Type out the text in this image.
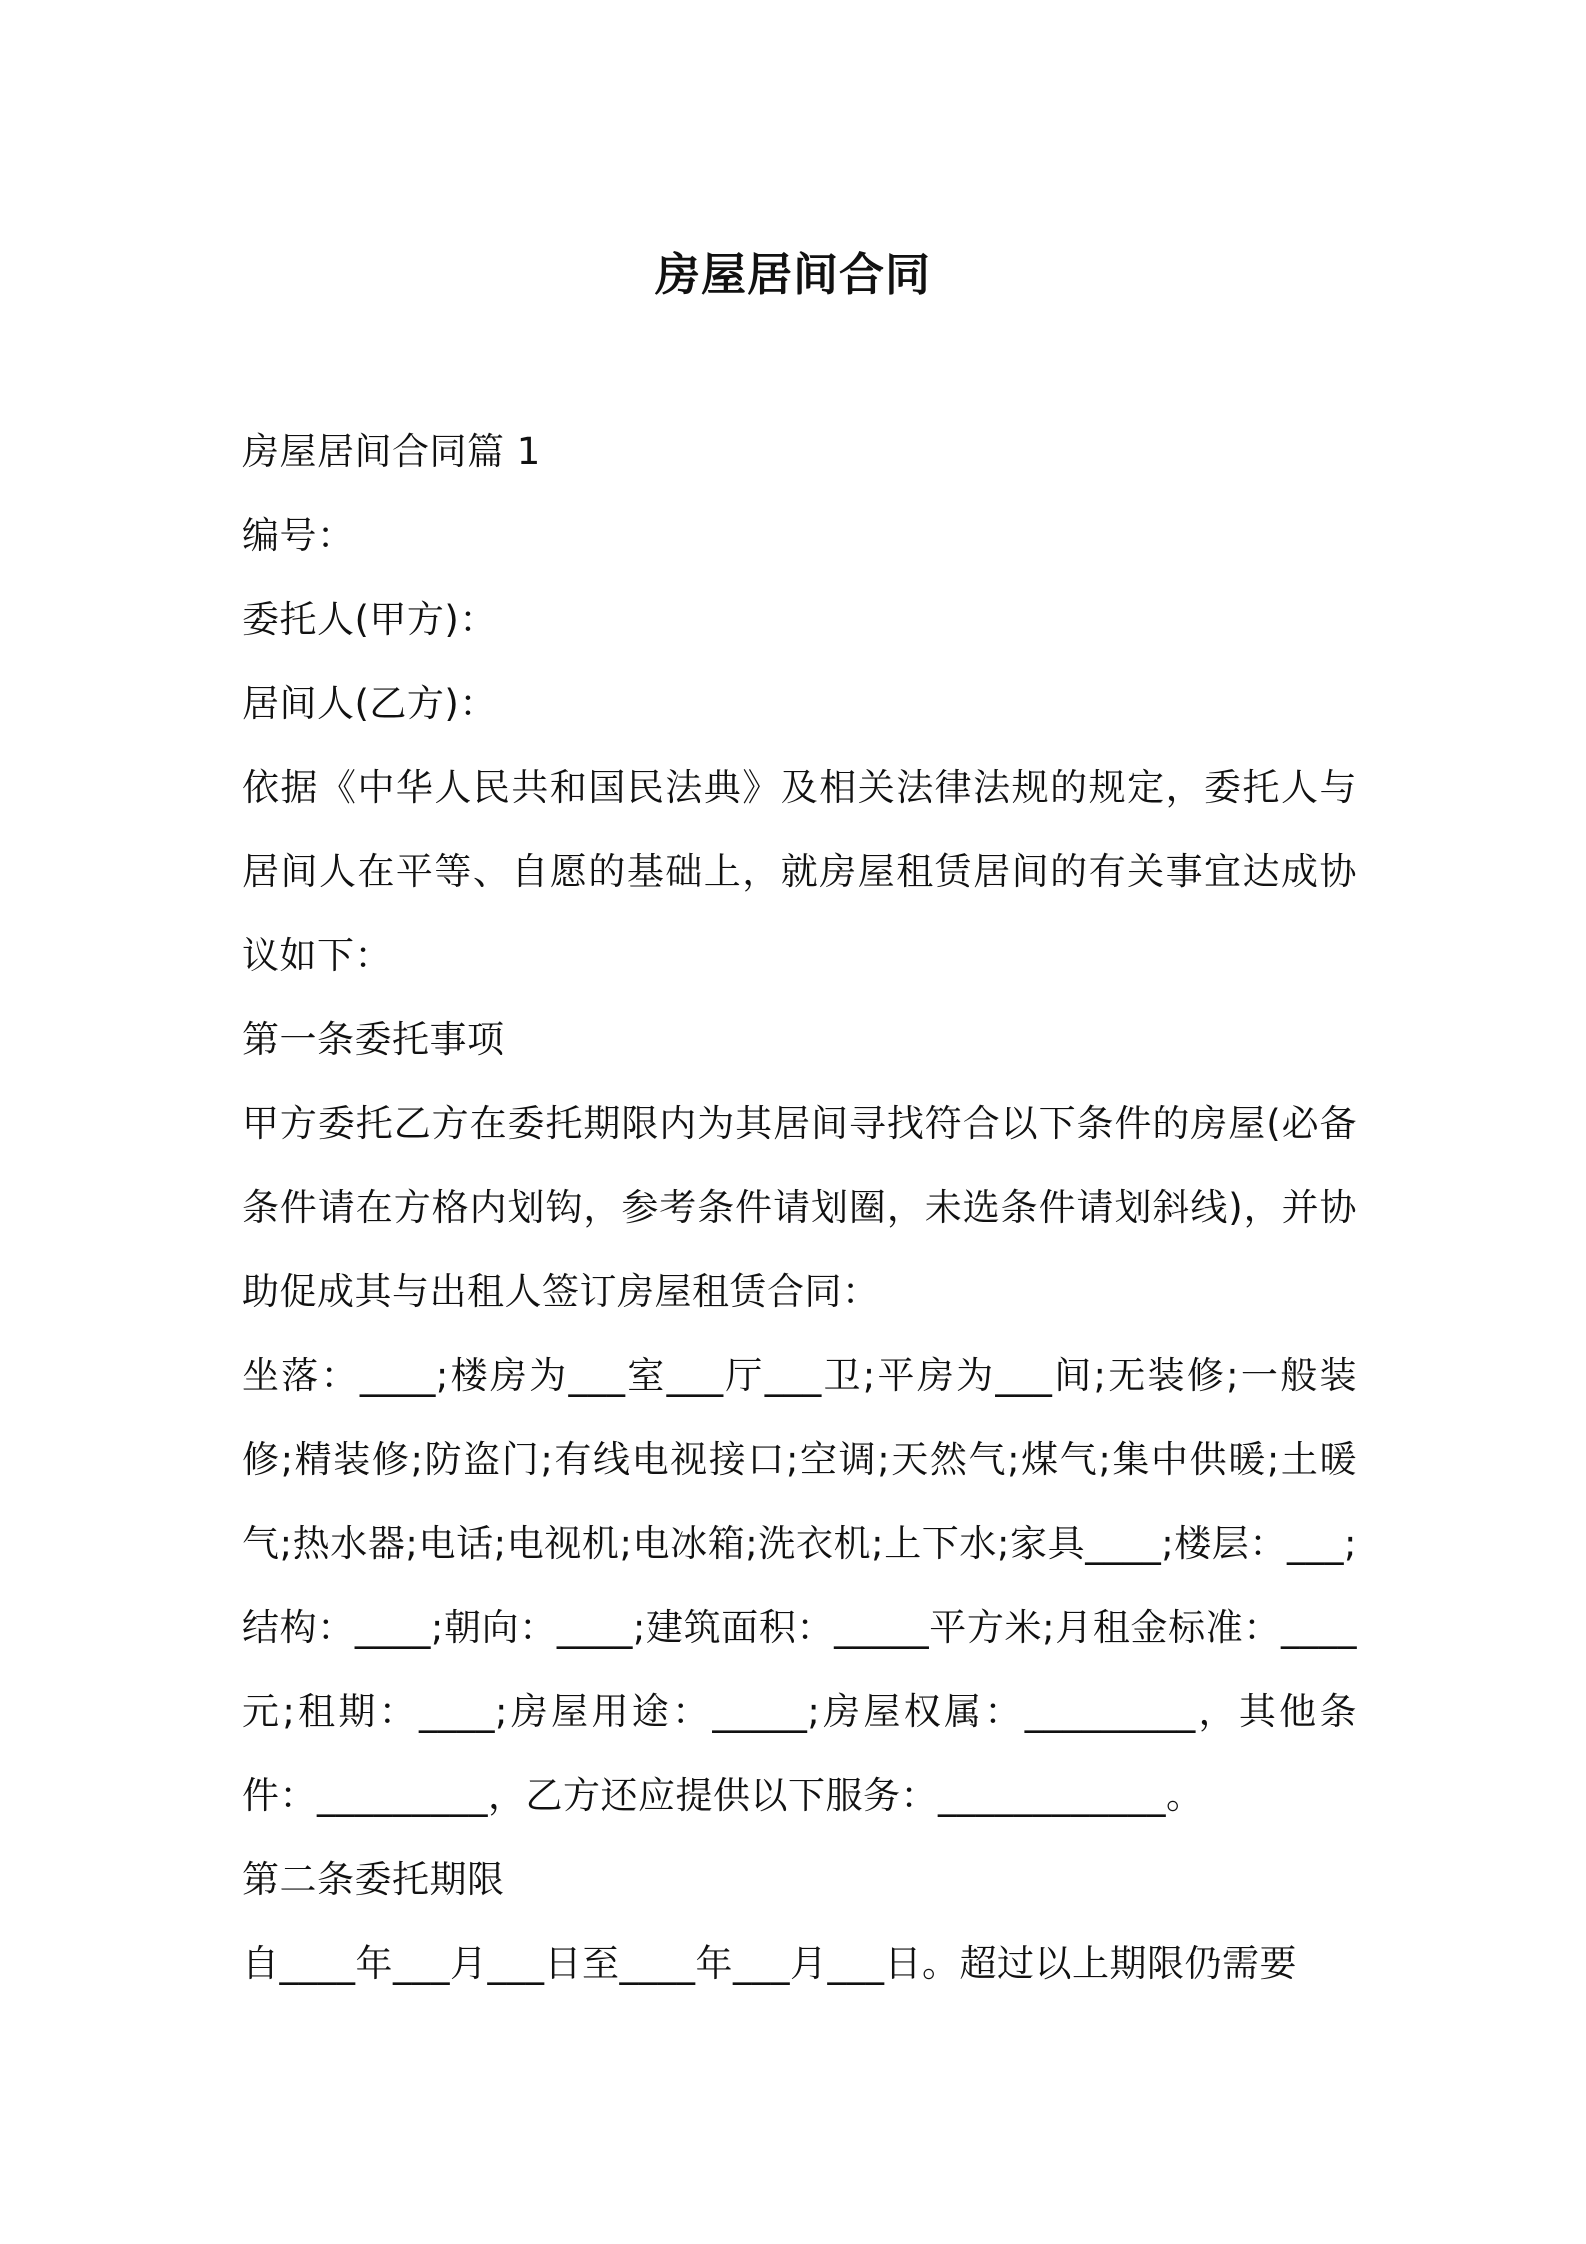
房屋居间合同

房屋居间合同篇 1

编号：

委托人(甲方)：

居间人(乙方)：

依据《中华人民共和国民法典》及相关法律法规的规定，委托人与居间人在平等、自愿的基础上，就房屋租赁居间的有关事宜达成协议如下：

第一条委托事项

甲方委托乙方在委托期限内为其居间寻找符合以下条件的房屋(必备条件请在方格内划钩，参考条件请划圈，未选条件请划斜线)，并协助促成其与出租人签订房屋租赁合同：

坐落：____;楼房为___室___厅___卫;平房为___间;无装修;一般装修;精装修;防盗门;有线电视接口;空调;天然气;煤气;集中供暖;土暖气;热水器;电话;电视机;电冰箱;洗衣机;上下水;家具____;楼层：___;结构：____;朝向：____;建筑面积：_____平方米;月租金标准：____元;租期：____;房屋用途：_____;房屋权属：_________，其他条件：_________，乙方还应提供以下服务：____________。

第二条委托期限

自____年___月___日至____年___月___日。超过以上期限仍需要
